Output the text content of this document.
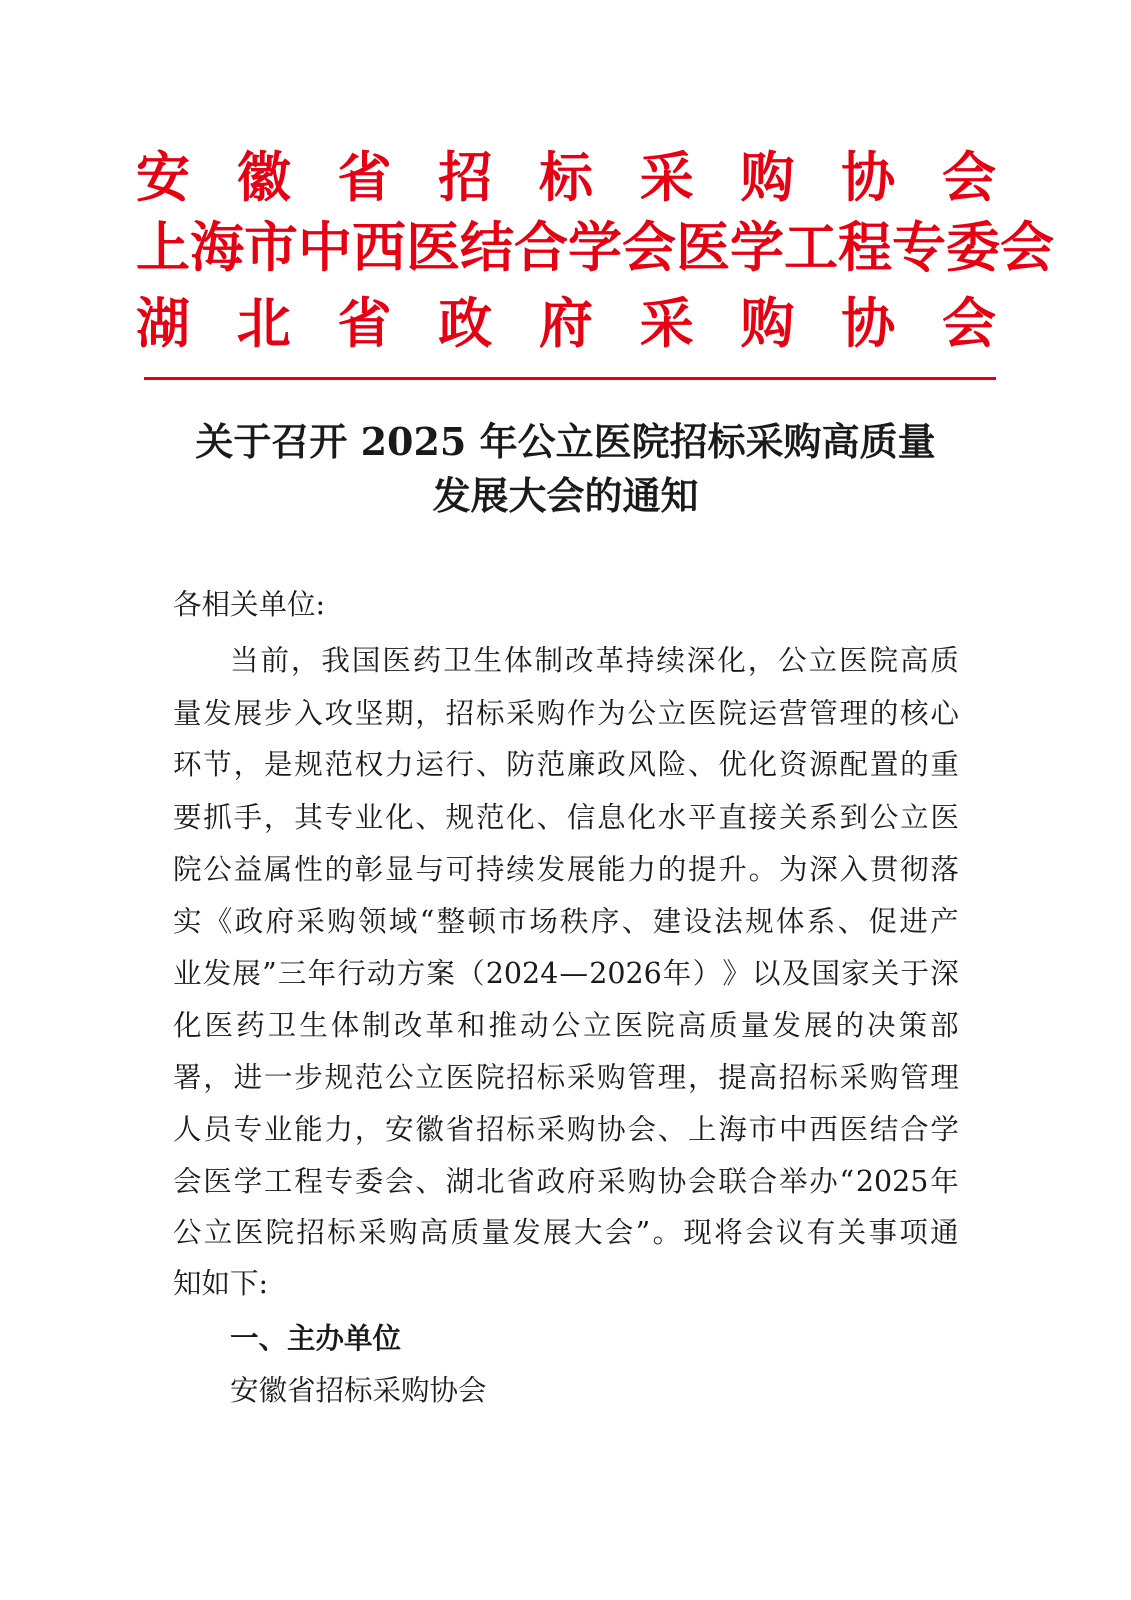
安 徽 省 招 标 采 购 协 会
上 海 市 中 西 医 结 合 学 会 医 学 工 程 专 委 会
湖 北 省 政 府 采 购 协 会
关于召开 2025 年公立医院招标采购高质量
发展大会的通知
各相关单位:
当 前 ， 我 国 医 药 卫 生 体 制 改 革 持 续 深 化 ， 公 立 医 院 高 质
量 发 展 步 入 攻 坚 期 ， 招 标 采 购 作 为 公 立 医 院 运 营 管 理 的 核 心
环 节 ， 是 规 范 权 力 运 行 、 防 范 廉 政 风 险 、 优 化 资 源 配 置 的 重
要 抓 手 ， 其 专 业 化 、 规 范 化 、 信 息 化 水 平 直 接 关 系 到 公 立 医
院 公 益 属 性 的 彰 显 与 可 持 续 发 展 能 力 的 提 升 。 为 深 入 贯 彻 落
实 《 政 府 采 购 领 域 “ 整 顿 市 场 秩 序 、 建 设 法 规 体 系 、 促 进 产
业 发 展 ” 三 年 行 动 方 案 （ 2024 — 2026 年 ） 》 以 及 国 家 关 于 深
化 医 药 卫 生 体 制 改 革 和 推 动 公 立 医 院 高 质 量 发 展 的 决 策 部
署 ， 进 一 步 规 范 公 立 医 院 招 标 采 购 管 理 ， 提 高 招 标 采 购 管 理
人 员 专 业 能 力 ， 安 徽 省 招 标 采 购 协 会 、 上 海 市 中 西 医 结 合 学
会 医 学 工 程 专 委 会 、 湖 北 省 政 府 采 购 协 会 联 合 举 办 “ 2025 年
公 立 医 院 招 标 采 购 高 质 量 发 展 大 会 ” 。 现 将 会 议 有 关 事 项 通
知如下:
一、主办单位
安徽省招标采购协会
